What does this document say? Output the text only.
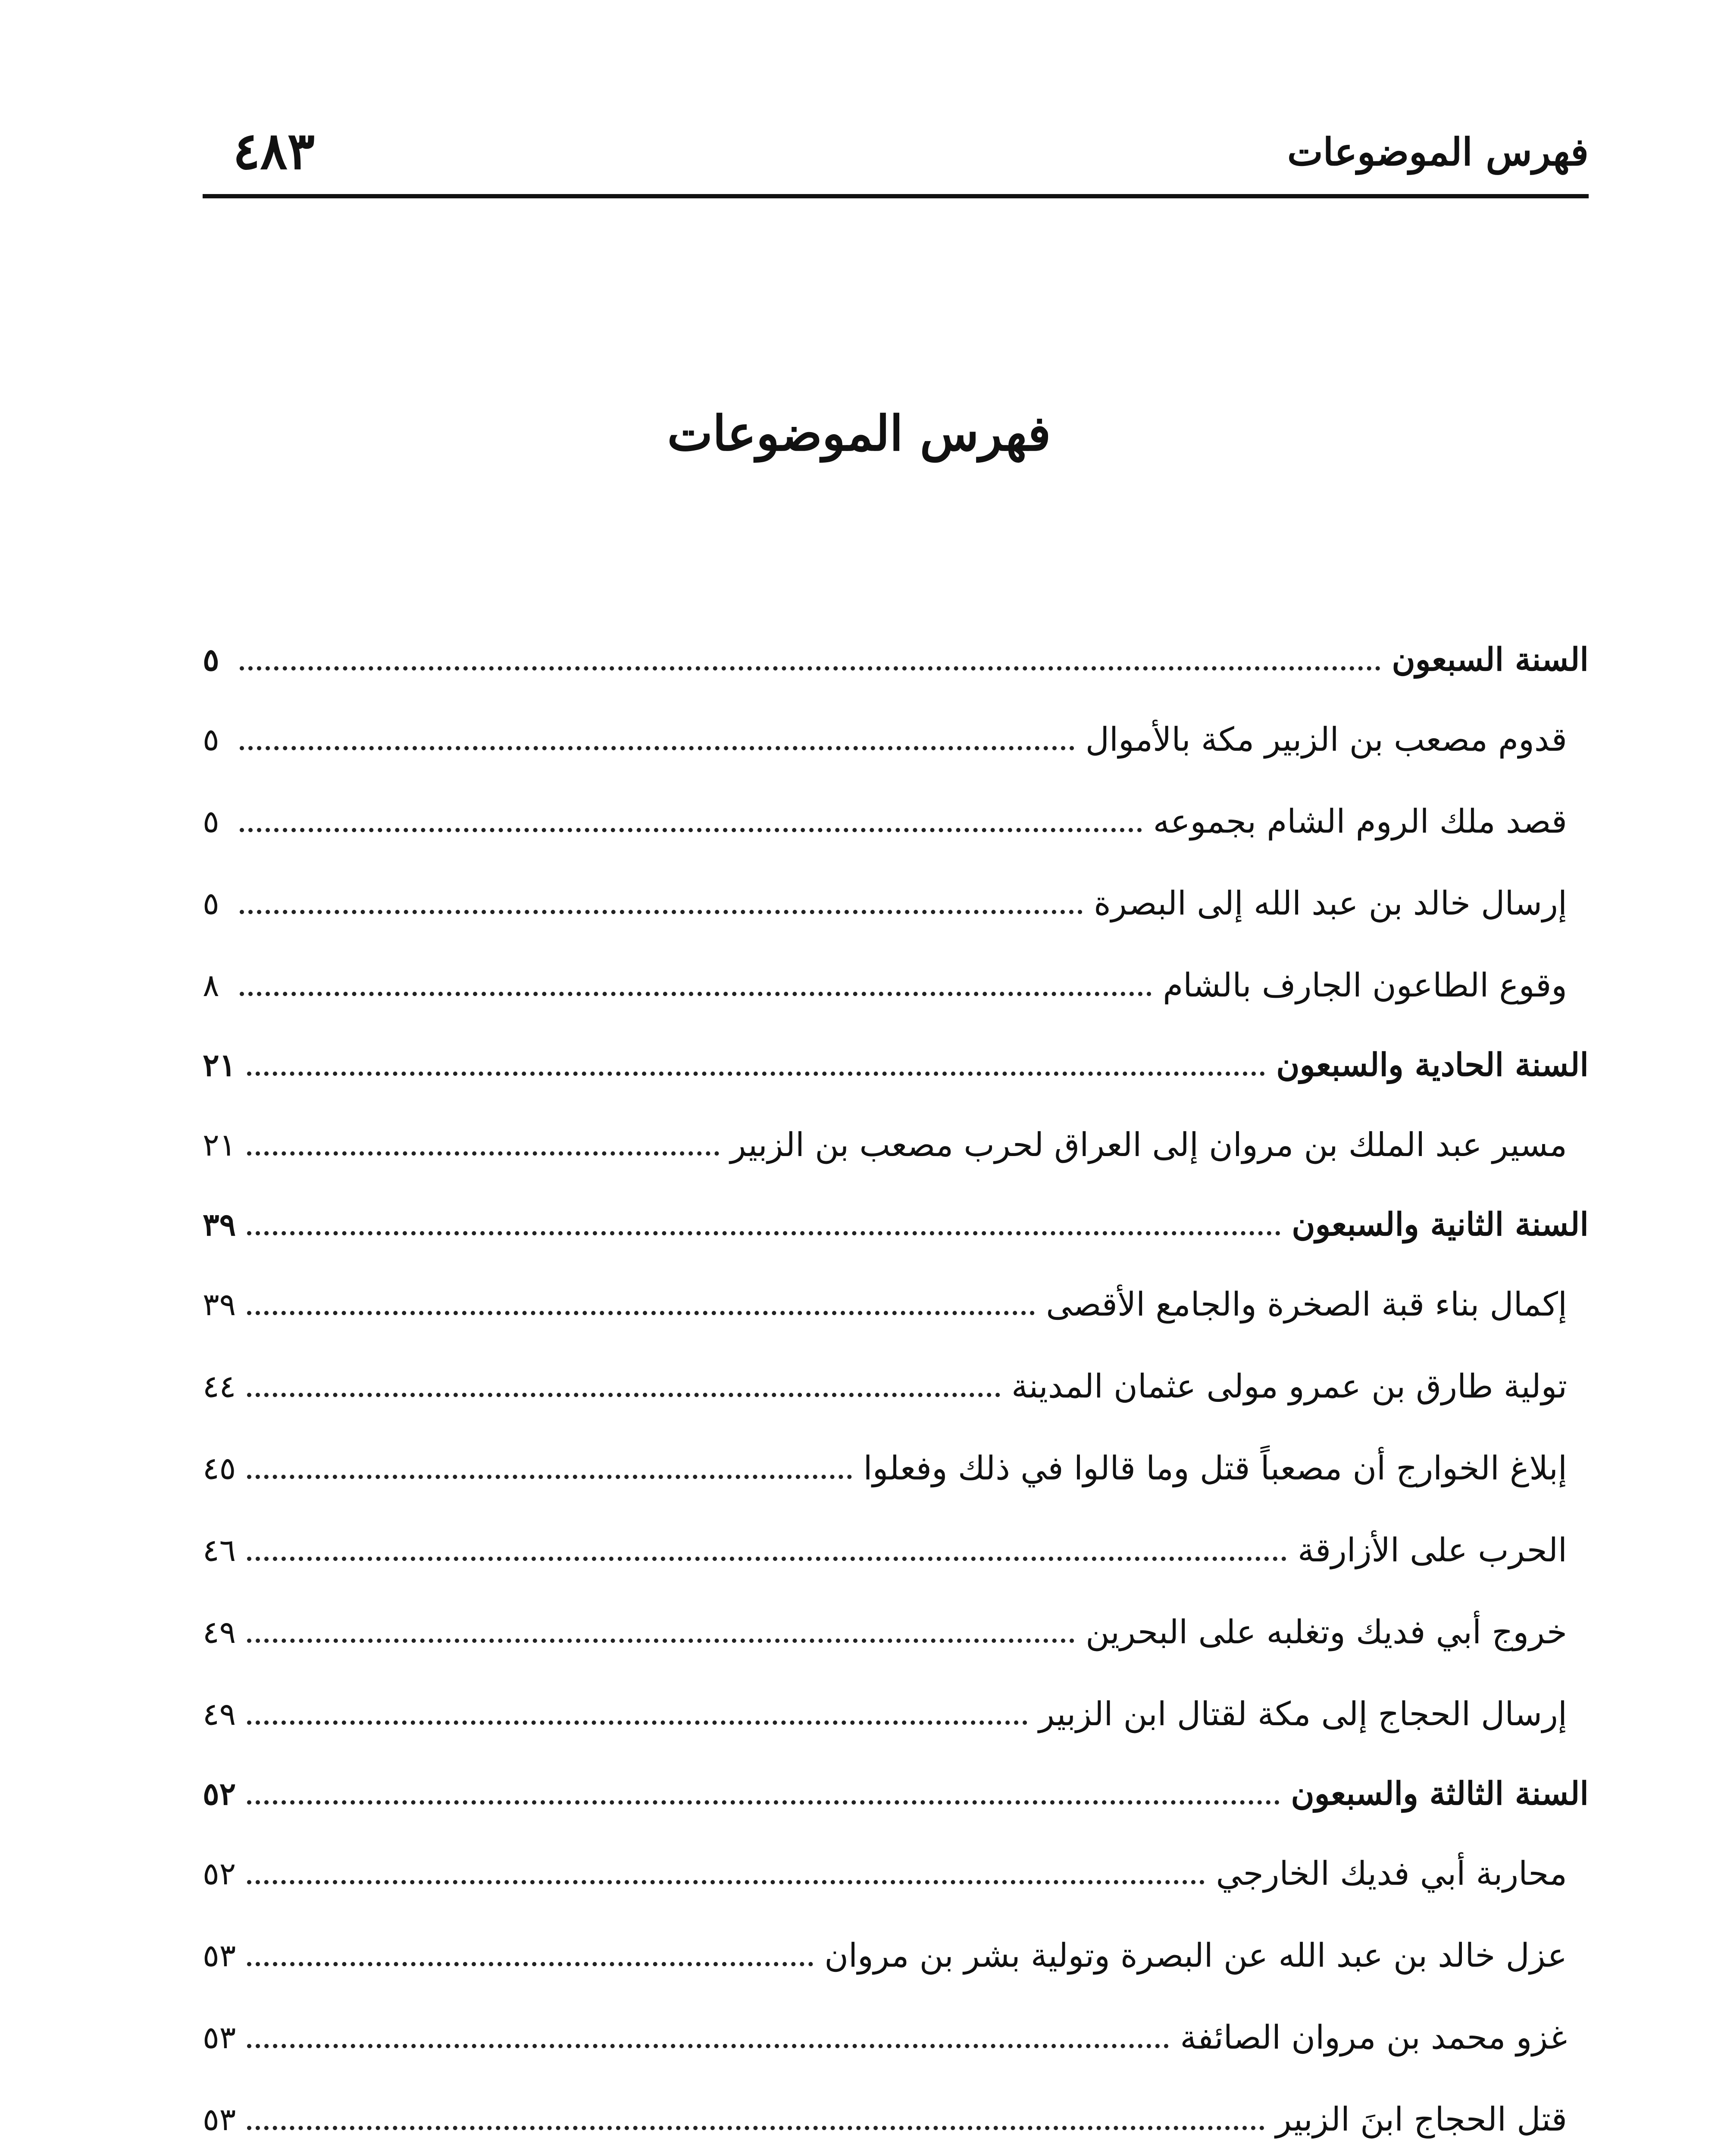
فهرس الموضوعات
٤٨٣
فهرس الموضوعات
السنة السبعون
٥
قدوم مصعب بن الزبير مكة بالأموال
٥
قصد ملك الروم الشام بجموعه
٥
إرسال خالد بن عبد الله إلى البصرة
٥
وقوع الطاعون الجارف بالشام
٨
السنة الحادية والسبعون
٢١
مسير عبد الملك بن مروان إلى العراق لحرب مصعب بن الزبير
٢١
السنة الثانية والسبعون
٣٩
إكمال بناء قبة الصخرة والجامع الأقصى
٣٩
تولية طارق بن عمرو مولى عثمان المدينة
٤٤
إبلاغ الخوارج أن مصعباً قتل وما قالوا في ذلك وفعلوا
٤٥
الحرب على الأزارقة
٤٦
خروج أبي فديك وتغلبه على البحرين
٤٩
إرسال الحجاج إلى مكة لقتال ابن الزبير
٤٩
السنة الثالثة والسبعون
٥٢
محاربة أبي فديك الخارجي
٥٢
عزل خالد بن عبد الله عن البصرة وتولية بشر بن مروان
٥٣
غزو محمد بن مروان الصائفة
٥٣
قتل الحجاج ابنَ الزبير
٥٣
